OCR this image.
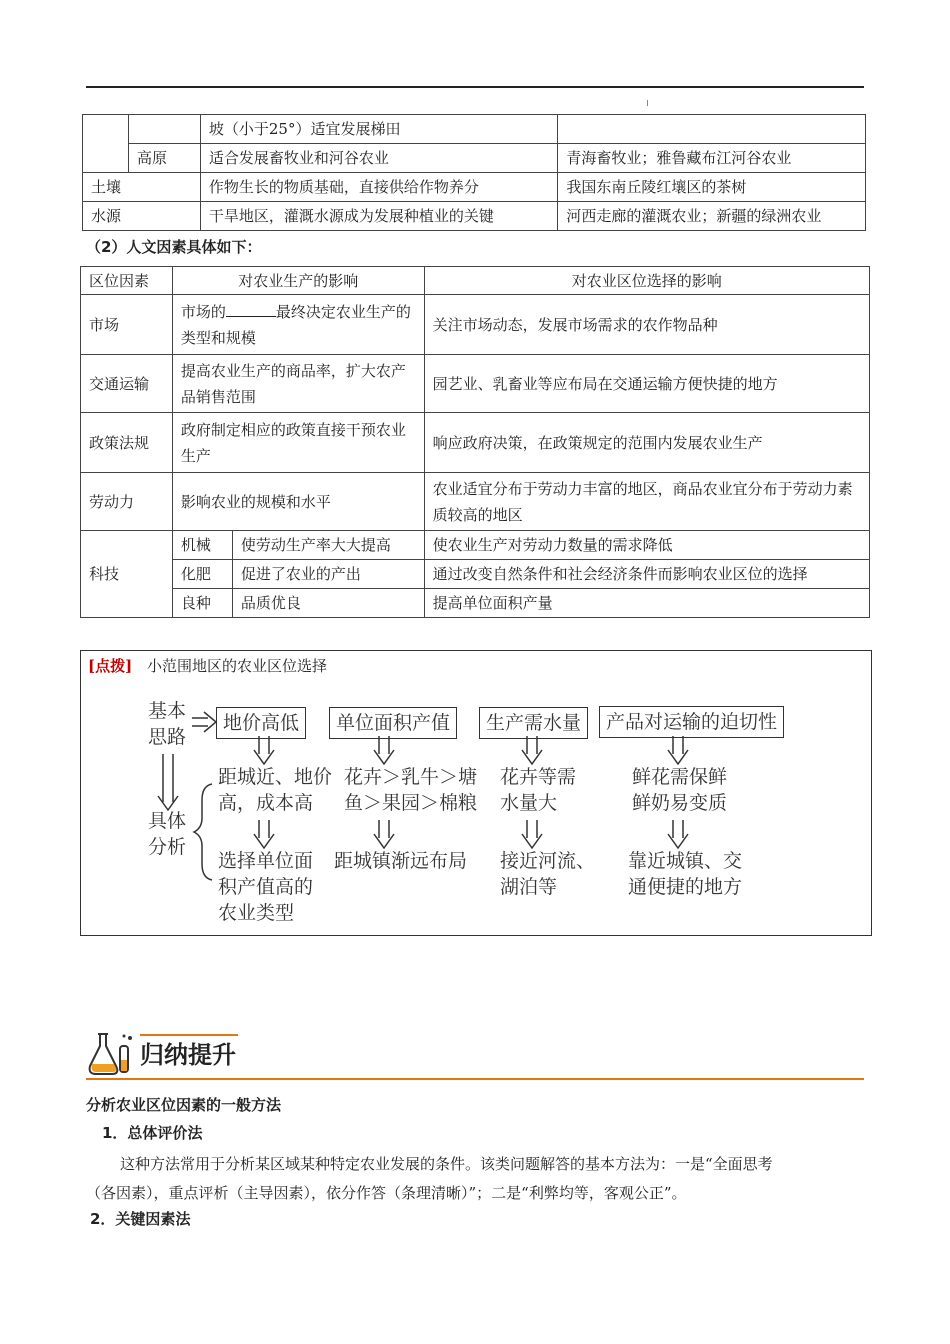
		坡（小于25°）适宜发展梯田	
	高原	适合发展畜牧业和河谷农业	青海畜牧业；雅鲁藏布江河谷农业
土壤		作物生长的物质基础，直接供给作物养分	我国东南丘陵红壤区的茶树
水源		干旱地区，灌溉水源成为发展种植业的关键	河西走廊的灌溉农业；新疆的绿洲农业
（2）人文因素具体如下：
区位因素	对农业生产的影响		对农业区位选择的影响
市场	市场的 最终决定农业生产的类型和规模		关注市场动态，发展市场需求的农作物品种
交通运输	提高农业生产的商品率，扩大农产品销售范围		园艺业、乳畜业等应布局在交通运输方便快捷的地方
政策法规	政府制定相应的政策直接干预农业生产		响应政府决策，在政策规定的范围内发展农业生产
劳动力	影响农业的规模和水平		农业适宜分布于劳动力丰富的地区，商品农业宜分布于劳动力素质较高的地区
科技	机械	使劳动生产率大大提高	使农业生产对劳动力数量的需求降低
	化肥	促进了农业的产出	通过改变自然条件和社会经济条件而影响农业区位的选择
	良种	品质优良	提高单位面积产量
[点拨] 小范围地区的农业区位选择
基本
思路
具体
分析
地价高低	单位面积产值	生产需水量	产品对运输的迫切性
距城近、地价
高，成本高
选择单位面
积产值高的
农业类型
花卉＞乳牛＞塘
鱼＞果园＞棉粮
距城镇渐远布局
花卉等需
水量大
接近河流、
湖泊等
鲜花需保鲜
鲜奶易变质
靠近城镇、交
通便捷的地方
归纳提升
分析农业区位因素的一般方法
1．总体评价法
这种方法常用于分析某区域某种特定农业发展的条件。该类问题解答的基本方法为：一是“全面思考
（各因素），重点评析（主导因素），依分作答（条理清晰）”；二是“利弊均等，客观公正”。
2．关键因素法
